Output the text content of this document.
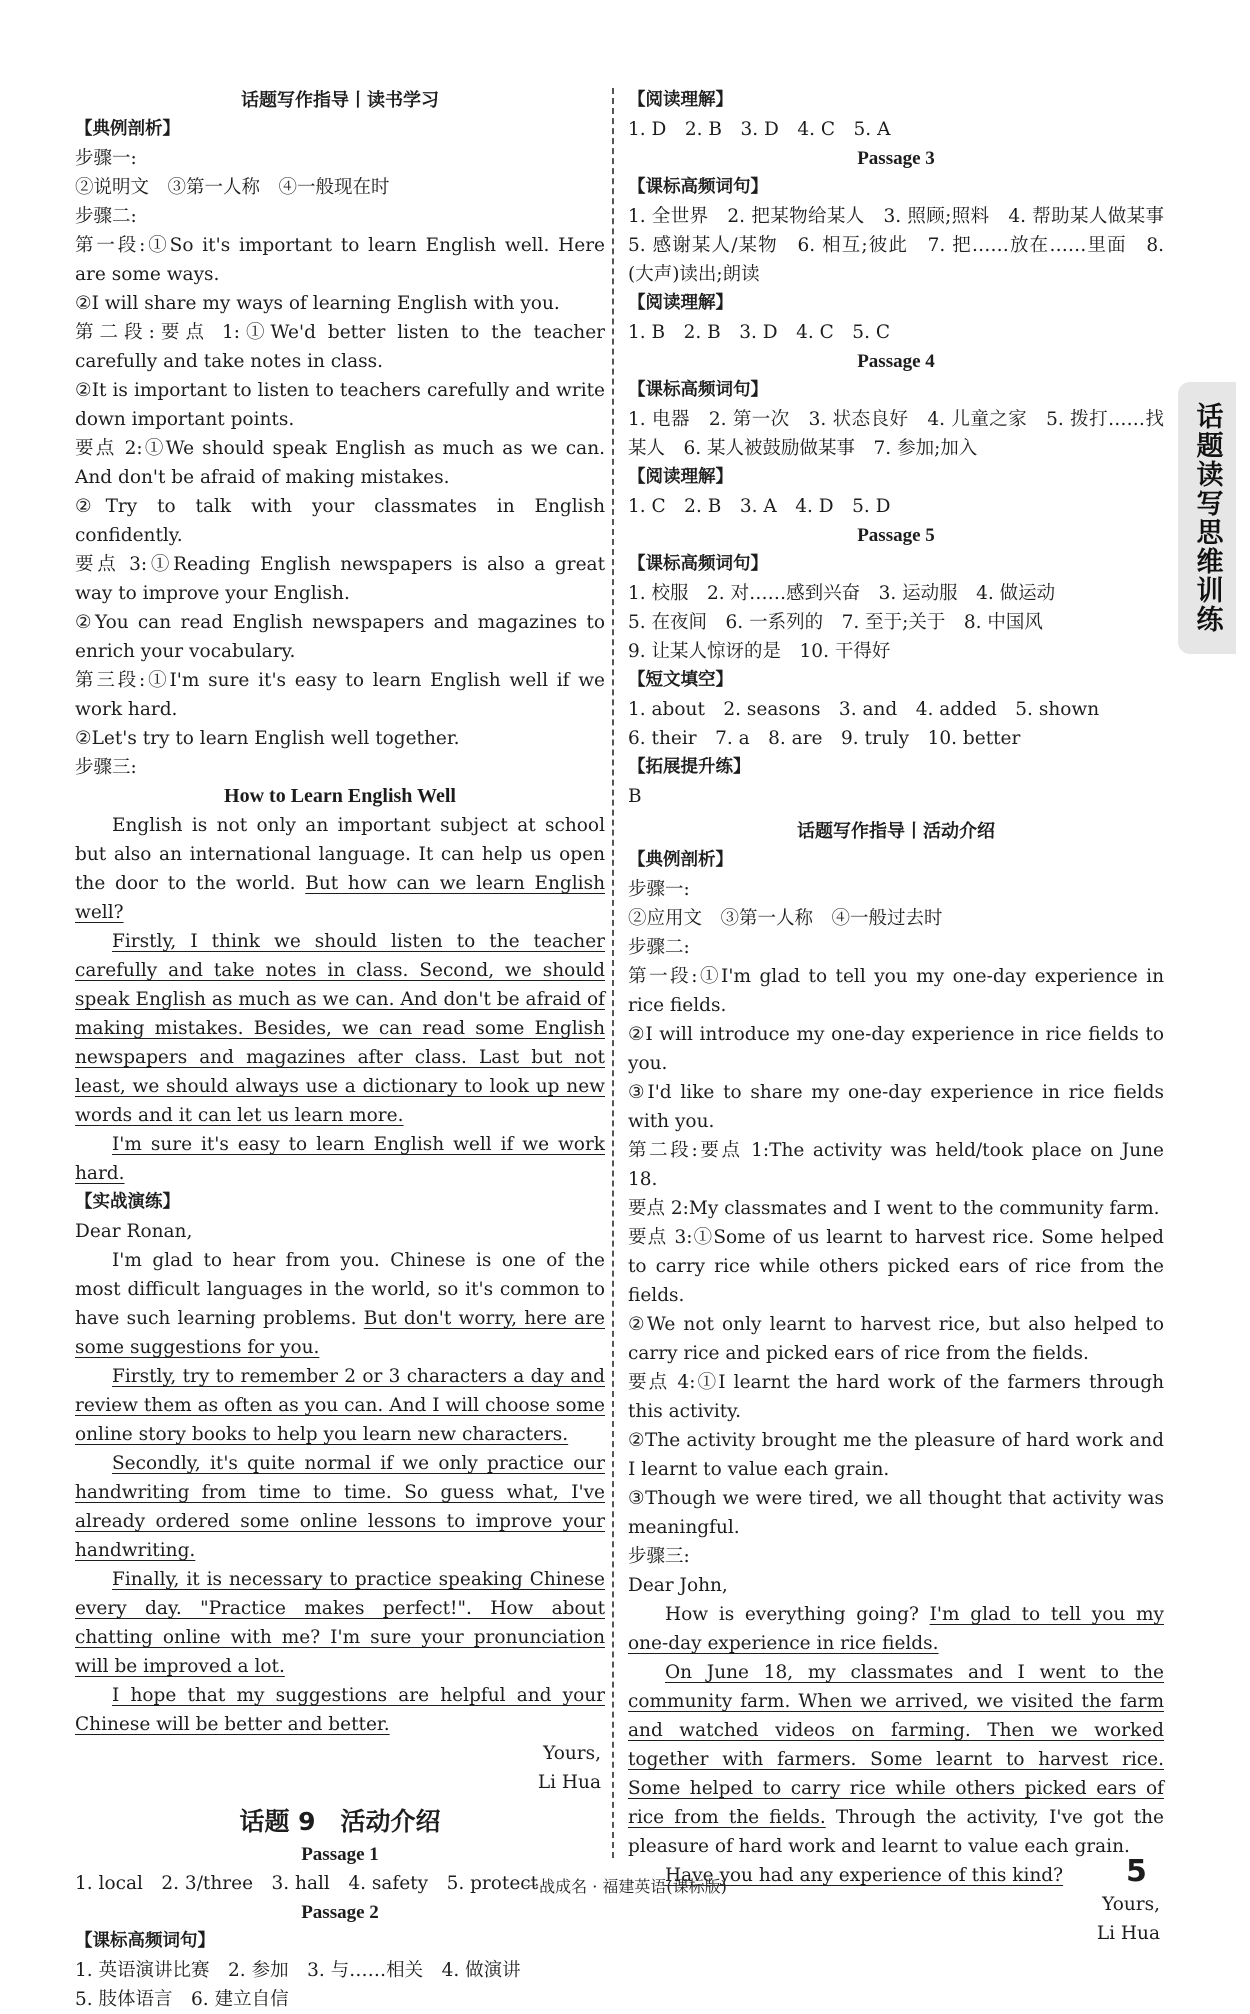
话题写作指导丨读书学习
【典例剖析】
步骤一:
②说明文　③第一人称　④一般现在时
步骤二:
第一段:①So it's important to learn English well. Here are some ways.
②I will share my ways of learning English with you.
第二段:要点 1:①We'd better listen to the teacher carefully and take notes in class.
②It is important to listen to teachers carefully and write down important points.
要点 2:①We should speak English as much as we can. And don't be afraid of making mistakes.
②Try to talk with your classmates in English confidently.
要点 3:①Reading English newspapers is also a great way to improve your English.
②You can read English newspapers and magazines to enrich your vocabulary.
第三段:①I'm sure it's easy to learn English well if we work hard.
②Let's try to learn English well together.
步骤三:
How to Learn English Well
English is not only an important subject at school but also an international language. It can help us open the door to the world. But how can we learn English well?
Firstly, I think we should listen to the teacher carefully and take notes in class. Second, we should speak English as much as we can. And don't be afraid of making mistakes. Besides, we can read some English newspapers and magazines after class. Last but not least, we should always use a dictionary to look up new words and it can let us learn more.
I'm sure it's easy to learn English well if we work hard.
【实战演练】
Dear Ronan,
I'm glad to hear from you. Chinese is one of the most difficult languages in the world, so it's common to have such learning problems. But don't worry, here are some suggestions for you.
Firstly, try to remember 2 or 3 characters a day and review them as often as you can. And I will choose some online story books to help you learn new characters.
Secondly, it's quite normal if we only practice our handwriting from time to time. So guess what, I've already ordered some online lessons to improve your handwriting.
Finally, it is necessary to practice speaking Chinese every day. "Practice makes perfect!". How about chatting online with me? I'm sure your pronunciation will be improved a lot.
I hope that my suggestions are helpful and your Chinese will be better and better.
Yours,
Li Hua
话题 9　活动介绍
Passage 1
1. local　2. 3/three　3. hall　4. safety　5. protect
Passage 2
【课标高频词句】
1. 英语演讲比赛　2. 参加　3. 与……相关　4. 做演讲
5. 肢体语言　6. 建立自信
【阅读理解】
1. D　2. B　3. D　4. C　5. A
Passage 3
【课标高频词句】
1. 全世界　2. 把某物给某人　3. 照顾;照料　4. 帮助某人做某事　5. 感谢某人/某物　6. 相互;彼此　7. 把……放在……里面　8. (大声)读出;朗读
【阅读理解】
1. B　2. B　3. D　4. C　5. C
Passage 4
【课标高频词句】
1. 电器　2. 第一次　3. 状态良好　4. 儿童之家　5. 拨打……找某人　6. 某人被鼓励做某事　7. 参加;加入
【阅读理解】
1. C　2. B　3. A　4. D　5. D
Passage 5
【课标高频词句】
1. 校服　2. 对……感到兴奋　3. 运动服　4. 做运动
5. 在夜间　6. 一系列的　7. 至于;关于　8. 中国风
9. 让某人惊讶的是　10. 干得好
【短文填空】
1. about　2. seasons　3. and　4. added　5. shown
6. their　7. a　8. are　9. truly　10. better
【拓展提升练】
B
话题写作指导丨活动介绍
【典例剖析】
步骤一:
②应用文　③第一人称　④一般过去时
步骤二:
第一段:①I'm glad to tell you my one-day experience in rice fields.
②I will introduce my one-day experience in rice fields to you.
③I'd like to share my one-day experience in rice fields with you.
第二段:要点 1:The activity was held/took place on June 18.
要点 2:My classmates and I went to the community farm.
要点 3:①Some of us learnt to harvest rice. Some helped to carry rice while others picked ears of rice from the fields.
②We not only learnt to harvest rice, but also helped to carry rice and picked ears of rice from the fields.
要点 4:①I learnt the hard work of the farmers through this activity.
②The activity brought me the pleasure of hard work and I learnt to value each grain.
③Though we were tired, we all thought that activity was meaningful.
步骤三:
Dear John,
How is everything going? I'm glad to tell you my one-day experience in rice fields.
On June 18, my classmates and I went to the community farm. When we arrived, we visited the farm and watched videos on farming. Then we worked together with farmers. Some learnt to harvest rice. Some helped to carry rice while others picked ears of rice from the fields. Through the activity, I've got the pleasure of hard work and learnt to value each grain.
Have you had any experience of this kind?
Yours,
Li Hua
话题读写思维训练
一战成名 · 福建英语(课标版)	5
